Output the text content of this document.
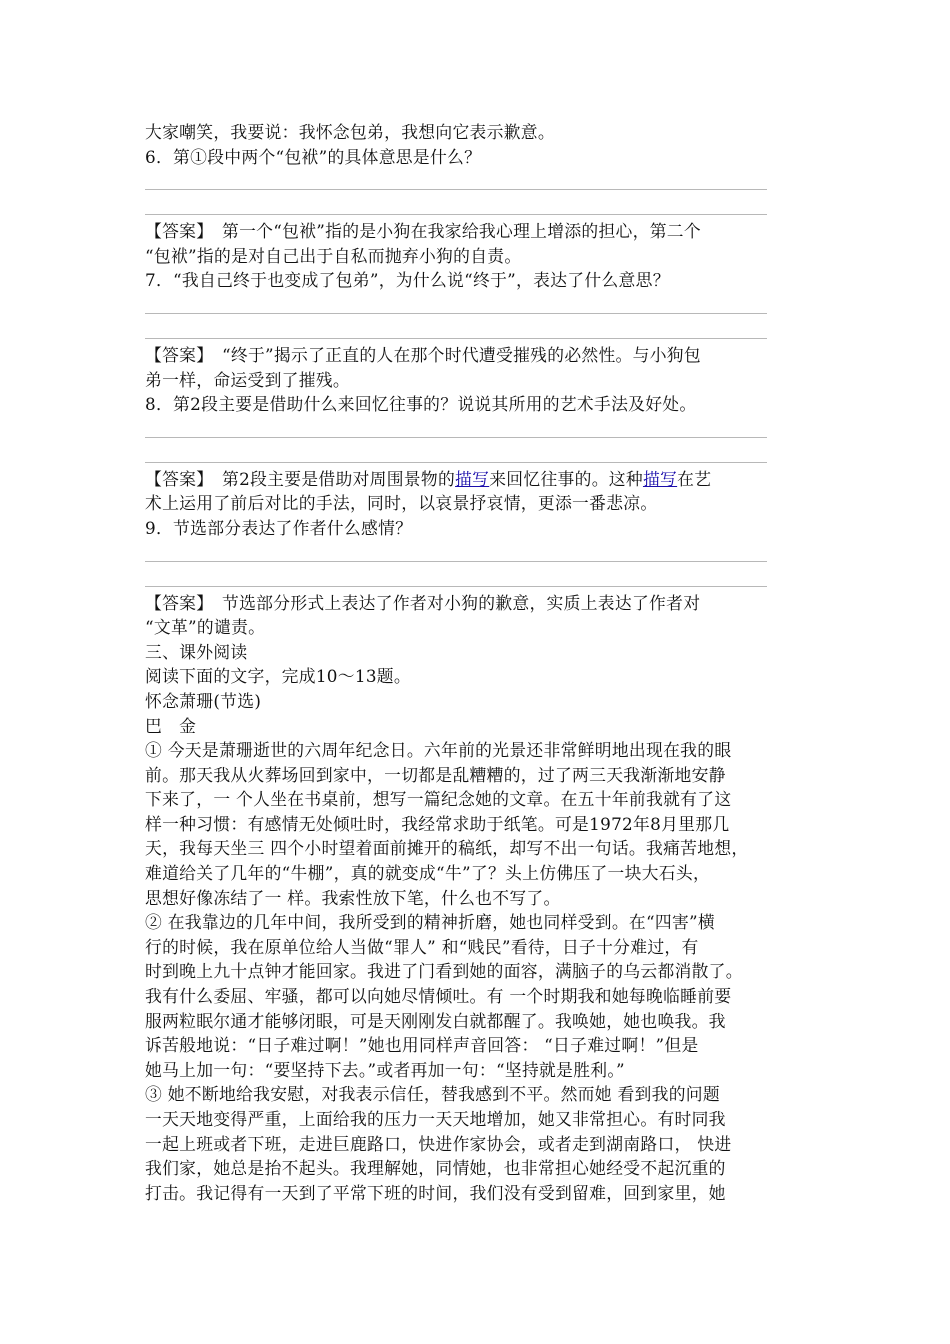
大家嘲笑，我要说：我怀念包弟，我想向它表示歉意。
6．第①段中两个“包袱”的具体意思是什么？
【答案】　第一个“包袱”指的是小狗在我家给我心理上增添的担心，第二个
“包袱”指的是对自己出于自私而抛弃小狗的自责。
7．“我自己终于也变成了包弟”，为什么说“终于”，表达了什么意思？
【答案】　“终于”揭示了正直的人在那个时代遭受摧残的必然性。与小狗包
弟一样，命运受到了摧残。
8．第2段主要是借助什么来回忆往事的？说说其所用的艺术手法及好处。
【答案】　第2段主要是借助对周围景物的描写来回忆往事的。这种描写在艺
术上运用了前后对比的手法，同时，以哀景抒哀情，更添一番悲凉。
9．节选部分表达了作者什么感情？
【答案】　节选部分形式上表达了作者对小狗的歉意，实质上表达了作者对
“文革”的谴责。
三、课外阅读
阅读下面的文字，完成10～13题。
怀念萧珊(节选)
巴　金
① 今天是萧珊逝世的六周年纪念日。六年前的光景还非常鲜明地出现在我的眼
前。那天我从火葬场回到家中，一切都是乱糟糟的，过了两三天我渐渐地安静
下来了，一 个人坐在书桌前，想写一篇纪念她的文章。在五十年前我就有了这
样一种习惯：有感情无处倾吐时，我经常求助于纸笔。可是1972年8月里那几
天，我每天坐三 四个小时望着面前摊开的稿纸，却写不出一句话。我痛苦地想，
难道给关了几年的“牛棚”，真的就变成“牛”了？头上仿佛压了一块大石头，
思想好像冻结了一 样。我索性放下笔，什么也不写了。
② 在我靠边的几年中间，我所受到的精神折磨，她也同样受到。在“四害”横
行的时候，我在原单位给人当做“罪人” 和“贱民”看待，日子十分难过，有
时到晚上九十点钟才能回家。我进了门看到她的面容，满脑子的乌云都消散了。
我有什么委屈、牢骚，都可以向她尽情倾吐。有 一个时期我和她每晚临睡前要
服两粒眠尔通才能够闭眼，可是天刚刚发白就都醒了。我唤她，她也唤我。我
诉苦般地说：“日子难过啊！”她也用同样声音回答： “日子难过啊！”但是
她马上加一句：“要坚持下去。”或者再加一句：“坚持就是胜利。”
③ 她不断地给我安慰，对我表示信任，替我感到不平。然而她 看到我的问题
一天天地变得严重，上面给我的压力一天天地增加，她又非常担心。有时同我
一起上班或者下班，走进巨鹿路口，快进作家协会，或者走到湖南路口， 快进
我们家，她总是抬不起头。我理解她，同情她，也非常担心她经受不起沉重的
打击。我记得有一天到了平常下班的时间，我们没有受到留难，回到家里，她
